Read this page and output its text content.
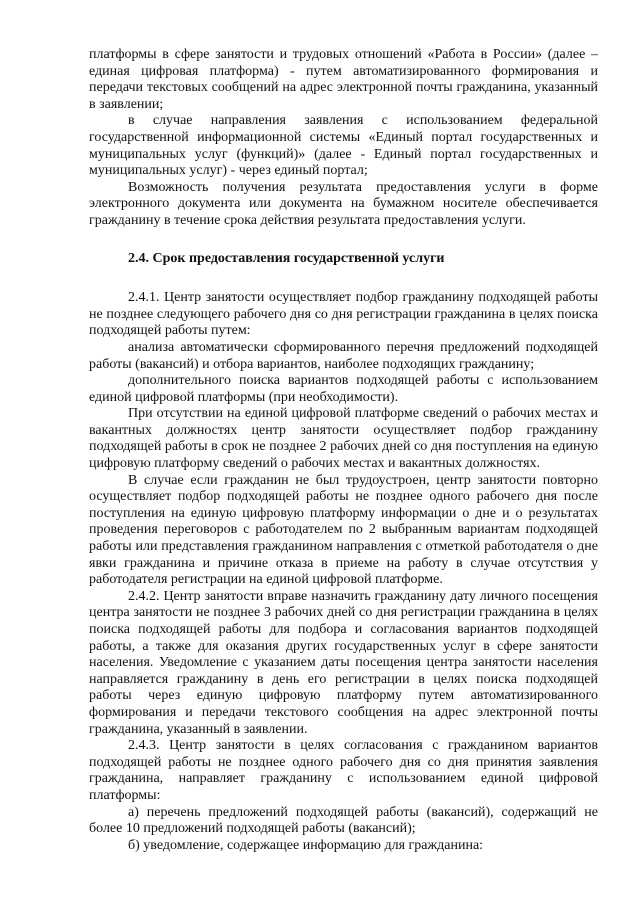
платформы в сфере занятости и трудовых отношений «Работа в России» (далее – единая цифровая платформа) - путем автоматизированного формирования и передачи текстовых сообщений на адрес электронной почты гражданина, указанный в заявлении;

в случае направления заявления с использованием федеральной государственной информационной системы «Единый портал государственных и муниципальных услуг (функций)» (далее - Единый портал государственных и муниципальных услуг) - через единый портал;

Возможность получения результата предоставления услуги в форме электронного документа или документа на бумажном носителе обеспечивается гражданину в течение срока действия результата предоставления услуги.

2.4. Срок предоставления государственной услуги

2.4.1. Центр занятости осуществляет подбор гражданину подходящей работы не позднее следующего рабочего дня со дня регистрации гражданина в целях поиска подходящей работы путем:

анализа автоматически сформированного перечня предложений подходящей работы (вакансий) и отбора вариантов, наиболее подходящих гражданину;

дополнительного поиска вариантов подходящей работы с использованием единой цифровой платформы (при необходимости).

При отсутствии на единой цифровой платформе сведений о рабочих местах и вакантных должностях центр занятости осуществляет подбор гражданину подходящей работы в срок не позднее 2 рабочих дней со дня поступления на единую цифровую платформу сведений о рабочих местах и вакантных должностях.

В случае если гражданин не был трудоустроен, центр занятости повторно осуществляет подбор подходящей работы не позднее одного рабочего дня после поступления на единую цифровую платформу информации о дне и о результатах проведения переговоров с работодателем по 2 выбранным вариантам подходящей работы или представления гражданином направления с отметкой работодателя о дне явки гражданина и причине отказа в приеме на работу в случае отсутствия у работодателя регистрации на единой цифровой платформе.

2.4.2. Центр занятости вправе назначить гражданину дату личного посещения центра занятости не позднее 3 рабочих дней со дня регистрации гражданина в целях поиска подходящей работы для подбора и согласования вариантов подходящей работы, а также для оказания других государственных услуг в сфере занятости населения. Уведомление с указанием даты посещения центра занятости населения направляется гражданину в день его регистрации в целях поиска подходящей работы через единую цифровую платформу путем автоматизированного формирования и передачи текстового сообщения на адрес электронной почты гражданина, указанный в заявлении.

2.4.3. Центр занятости в целях согласования с гражданином вариантов подходящей работы не позднее одного рабочего дня со дня принятия заявления гражданина, направляет гражданину с использованием единой цифровой платформы:

а) перечень предложений подходящей работы (вакансий), содержащий не более 10 предложений подходящей работы (вакансий);

б) уведомление, содержащее информацию для гражданина:
